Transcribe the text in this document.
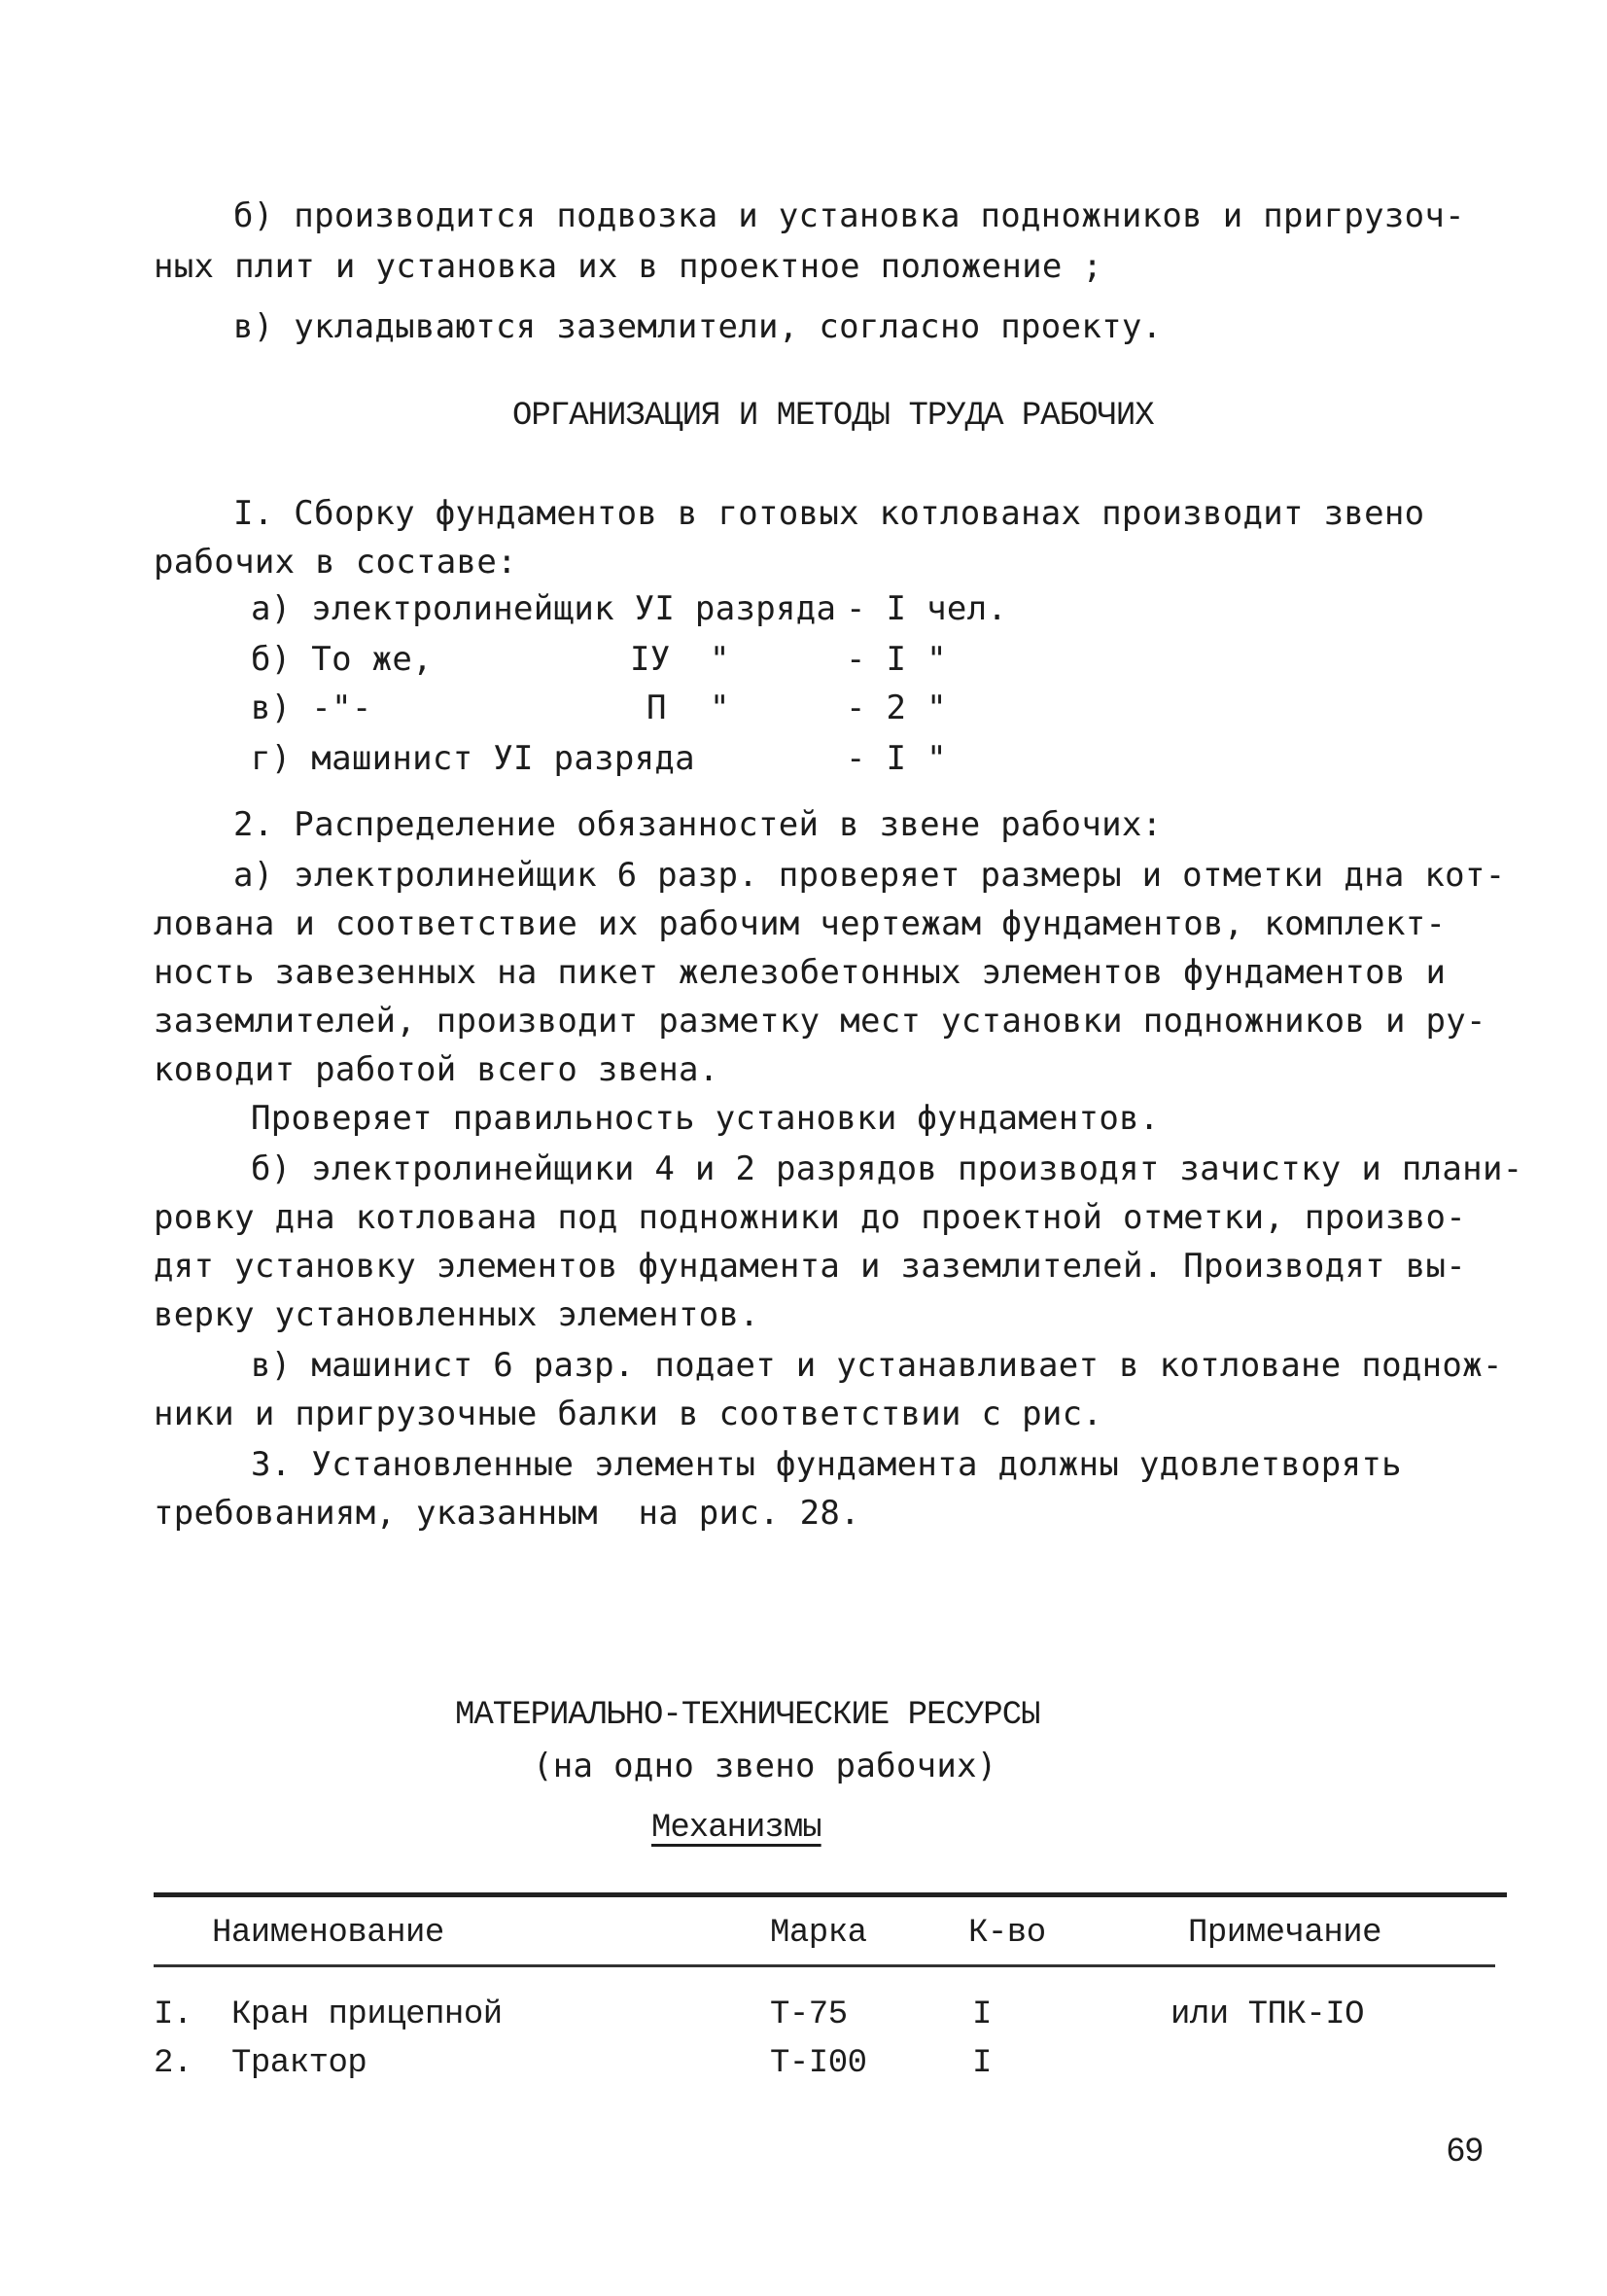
б) производится подвозка и установка подножников и пригрузоч-
ных плит и установка их в проектное положение ;
в) укладываются заземлители, согласно проекту.
ОРГАНИЗАЦИЯ И МЕТОДЫ ТРУДА РАБОЧИХ
I. Сборку фундаментов в готовых котлованах производит звено
рабочих в составе:
а) электролинейщик УI разряда - I чел.
б) То же,	IУ "	- I "
в) -"-	П "	- 2 "
г) машинист УI разряда	- I "
2. Распределение обязанностей в звене рабочих:
а) электролинейщик 6 разр. проверяет размеры и отметки дна кот-
лована и соответствие их рабочим чертежам фундаментов, комплект-
ность завезенных на пикет железобетонных элементов фундаментов и
заземлителей, производит разметку мест установки подножников и ру-
ководит работой всего звена.
Проверяет правильность установки фундаментов.
б) электролинейщики 4 и 2 разрядов производят зачистку и плани-
ровку дна котлована под подножники до проектной отметки, произво-
дят установку элементов фундамента и заземлителей. Производят вы-
верку установленных элементов.
в) машинист 6 разр. подает и устанавливает в котловане поднож-
ники и пригрузочные балки в соответствии с рис.
3. Установленные элементы фундамента должны удовлетворять
требованиям, указанным  на рис. 28.
МАТЕРИАЛЬНО-ТЕХНИЧЕСКИЕ РЕСУРСЫ
(на одно звено рабочих)
Механизмы
Наименование	Марка	К-во	Примечание
I. Кран прицепной	Т-75	I	или ТПК-IО
2. Трактор	Т-I00	I
69
